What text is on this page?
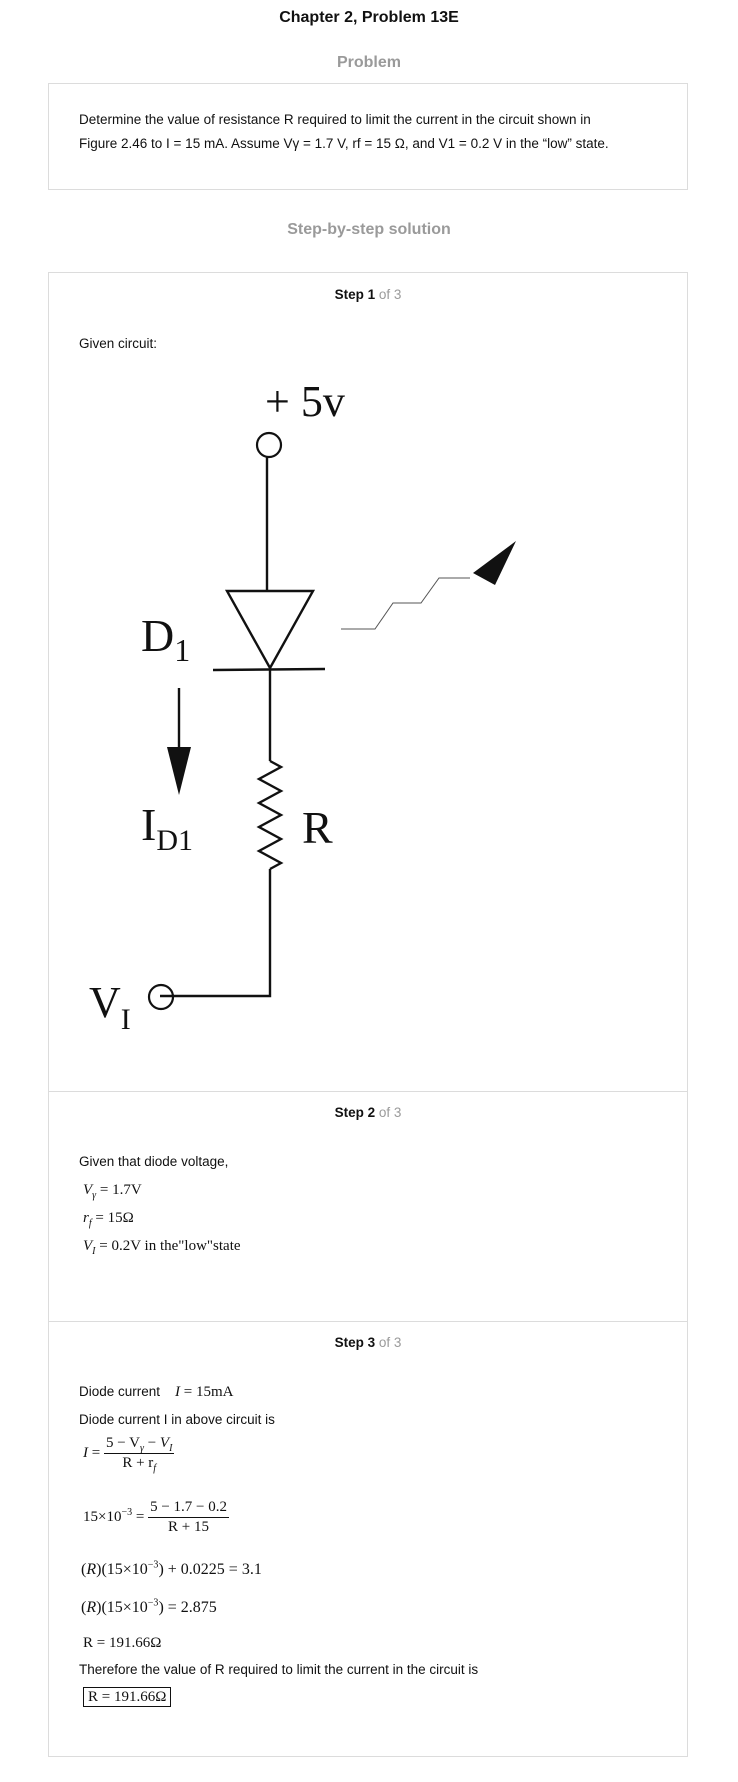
Chapter 2, Problem 13E
Problem
Determine the value of resistance R required to limit the current in the circuit shown in
Figure 2.46 to I = 15 mA. Assume Vγ = 1.7 V, rf = 15 Ω, and V1 = 0.2 V in the “low” state.
Step-by-step solution
Step 1 of 3
Given circuit:
+ 5v
$D_1$
$I_{D1}$ R
$V_I$
Step 2 of 3
Given that diode voltage,
$V_\gamma = 1.7V$
$r_f = 15\Omega$
$V_I = 0.2V$ in the"low"state
Step 3 of 3
Diode current I = 15mA
Diode current I in above circuit is
$I = \frac{5 - V_\gamma - V_I}{R + r_f}$
$15\times 10^{-3} = \frac{5 - 1.7 - 0.2}{R + 15}$
$(R)(15\times 10^{-3}) + 0.0225 = 3.1$
$(R)(15\times 10^{-3}) = 2.875$
R = 191.66Ω
Therefore the value of R required to limit the current in the circuit is
R = 191.66Ω
